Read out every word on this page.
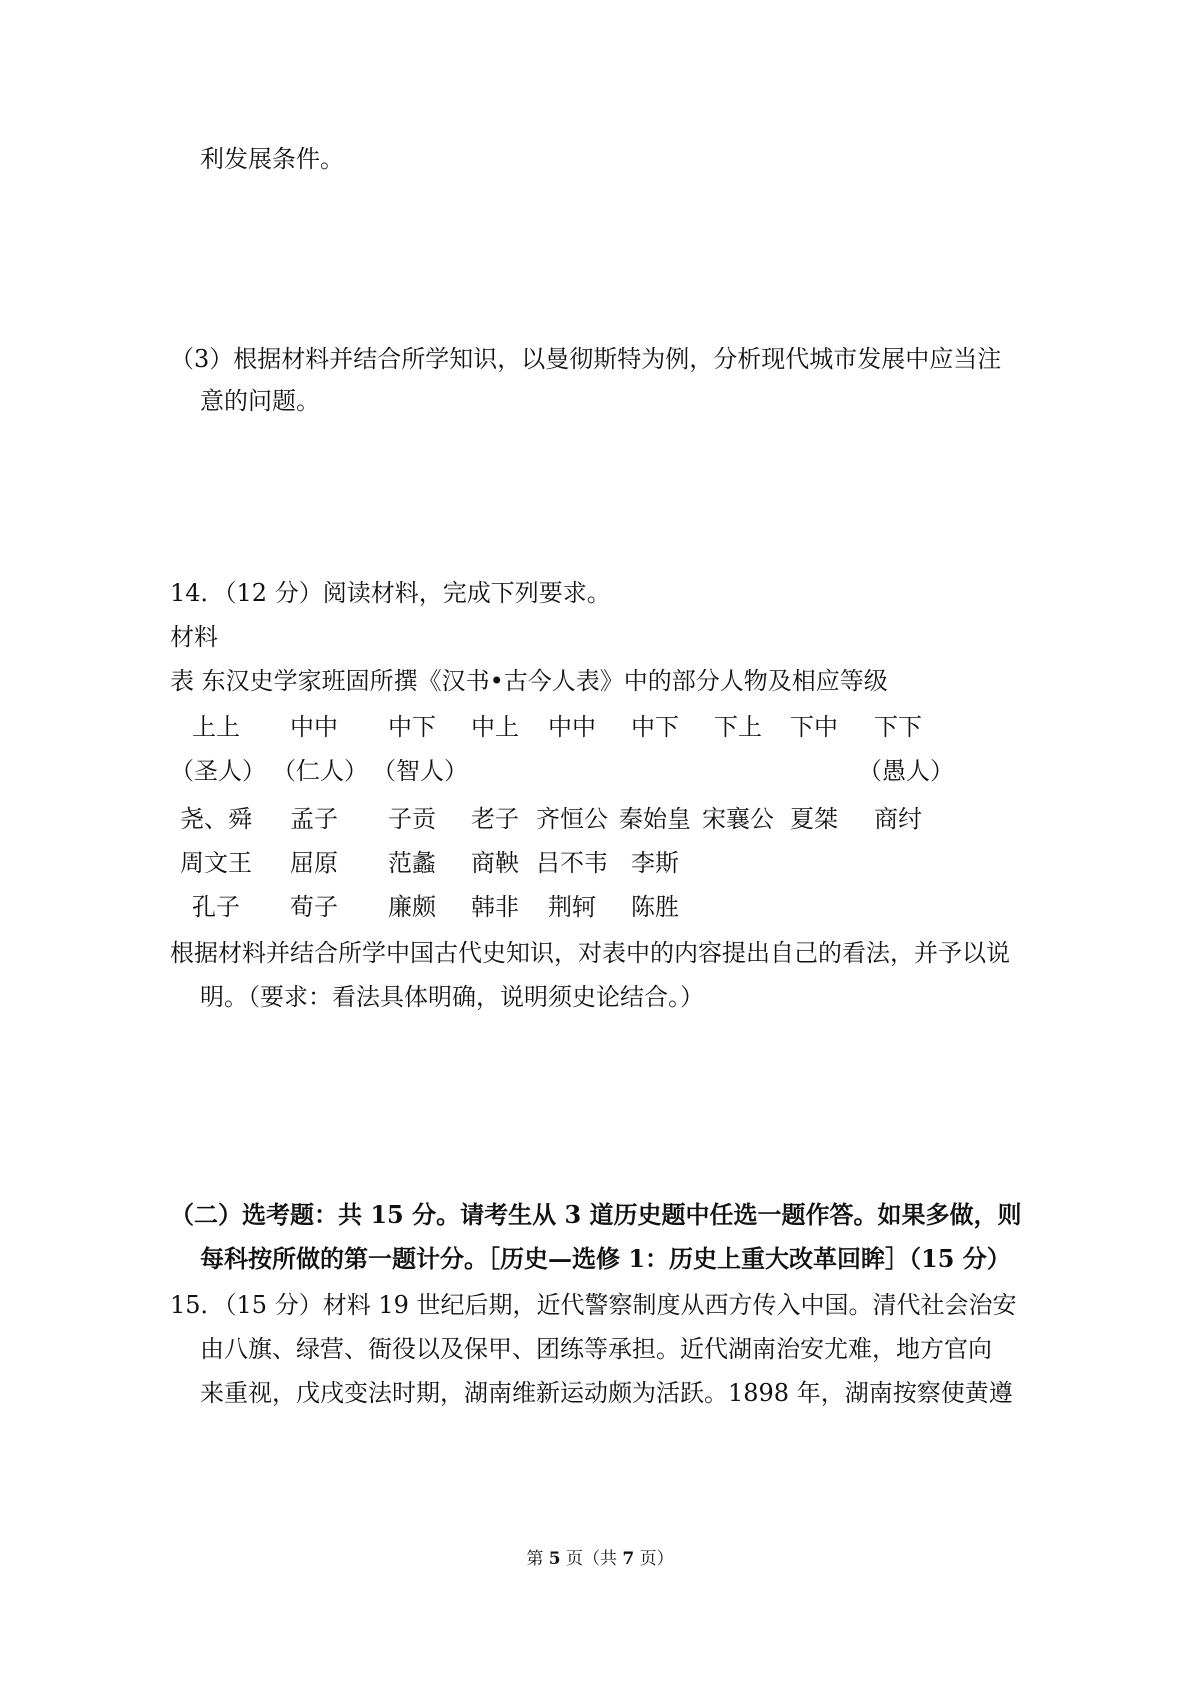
利发展条件。
（3）根据材料并结合所学知识，以曼彻斯特为例，分析现代城市发展中应当注
意的问题。
14．（12 分）阅读材料，完成下列要求。
材料
表 东汉史学家班固所撰《汉书•古今人表》中的部分人物及相应等级
上上 中中 中下 中上 中中 中下 下上 下中 下下
（圣人） （仁人） （智人）	（愚人）
尧、舜 孟子 子贡 老子 齐恒公 秦始皇 宋襄公 夏桀 商纣
周文王 屈原 范蠡 商鞅 吕不韦 李斯
孔子 荀子 廉颇 韩非 荆轲 陈胜
根据材料并结合所学中国古代史知识，对表中的内容提出自己的看法，并予以说
明。（要求：看法具体明确，说明须史论结合。）
（二）选考题：共 15 分。请考生从 3 道历史题中任选一题作答。如果多做，则
每科按所做的第一题计分。［历史—选修 1：历史上重大改革回眸］（15 分）
15．（15 分）材料 19 世纪后期，近代警察制度从西方传入中国。清代社会治安
由八旗、绿营、衙役以及保甲、团练等承担。近代湖南治安尤难，地方官向
来重视，戊戌变法时期，湖南维新运动颇为活跃。1898 年，湖南按察使黄遵
第 5 页（共 7 页）
